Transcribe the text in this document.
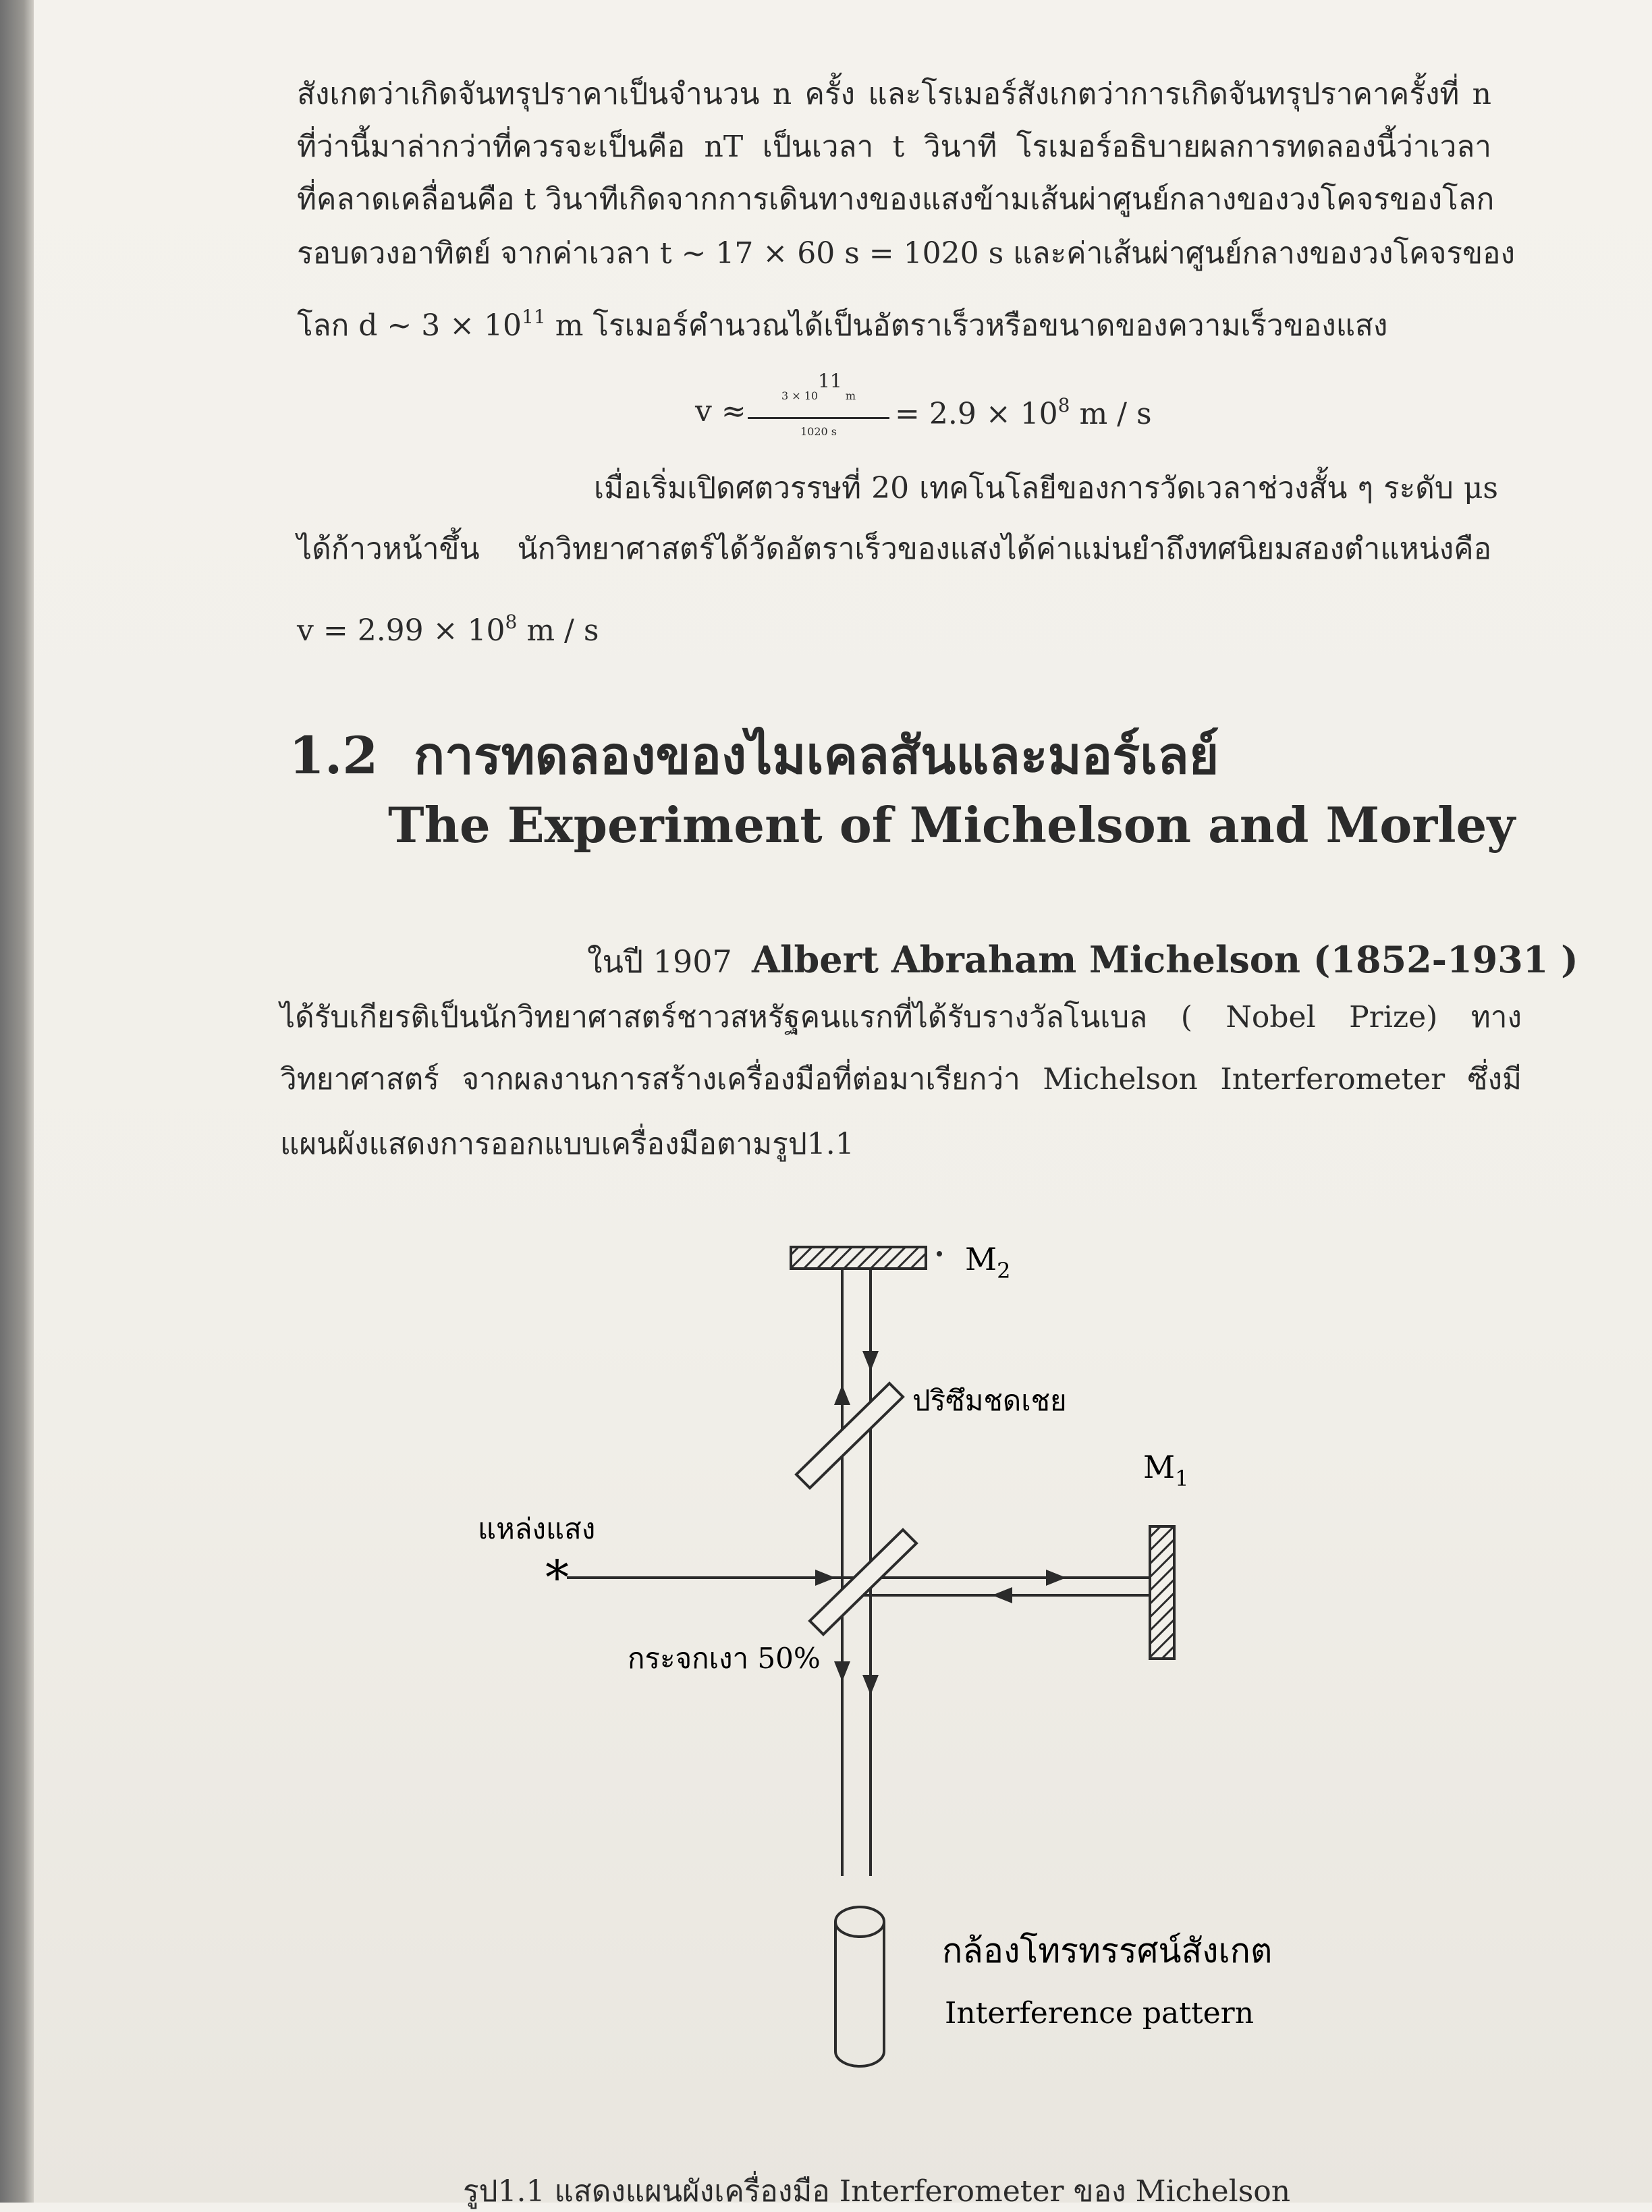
สังเกตว่าเกิดจันทรุปราคาเป็นจำนวน n ครั้ง และโรเมอร์สังเกตว่าการเกิดจันทรุปราคาครั้งที่ n
ที่ว่านี้มาล่ากว่าที่ควรจะเป็นคือ nT เป็นเวลา t วินาที โรเมอร์อธิบายผลการทดลองนี้ว่าเวลา
ที่คลาดเคลื่อนคือ t วินาทีเกิดจากการเดินทางของแสงข้ามเส้นผ่าศูนย์กลางของวงโคจรของโลก
รอบดวงอาทิตย์ จากค่าเวลา t ~ 17 × 60 s = 1020 s และค่าเส้นผ่าศูนย์กลางของวงโคจรของ
โลก d ~ $3 \times 10^{11}$ m โรเมอร์คำนวณได้เป็นอัตราเร็วหรือขนาดของความเร็วของแสง
v ≈	3 × 1011 m
1020 s
= $2.9 \times 10^8$ m / s
เมื่อเริ่มเปิดศตวรรษที่ 20 เทคโนโลยีของการวัดเวลาช่วงสั้น ๆ ระดับ μs
ได้ก้าวหน้าขึ้น นักวิทยาศาสตร์ได้วัดอัตราเร็วของแสงได้ค่าแม่นยำถึงทศนิยมสองตำแหน่งคือ
$v = 2.99 \times 10^8$ m / s
1.2 การทดลองของไมเคลสันและมอร์เลย์
The Experiment of Michelson and Morley
ในปี 1907 Albert Abraham Michelson (1852-1931 )
ได้รับเกียรติเป็นนักวิทยาศาสตร์ชาวสหรัฐคนแรกที่ได้รับรางวัลโนเบล ( Nobel Prize) ทาง
วิทยาศาสตร์ จากผลงานการสร้างเครื่องมือที่ต่อมาเรียกว่า Michelson Interferometer ซึ่งมี
แผนผังแสดงการออกแบบเครื่องมือตามรูป1.1
$M_2$
$M_1$
ปริซึมชดเชย
กระจกเงา 50%
*
แหล่งแสง
กล้องโทรทรรศน์สังเกต
Interference pattern
รูป1.1 แสดงแผนผังเครื่องมือ Interferometer ของ Michelson
